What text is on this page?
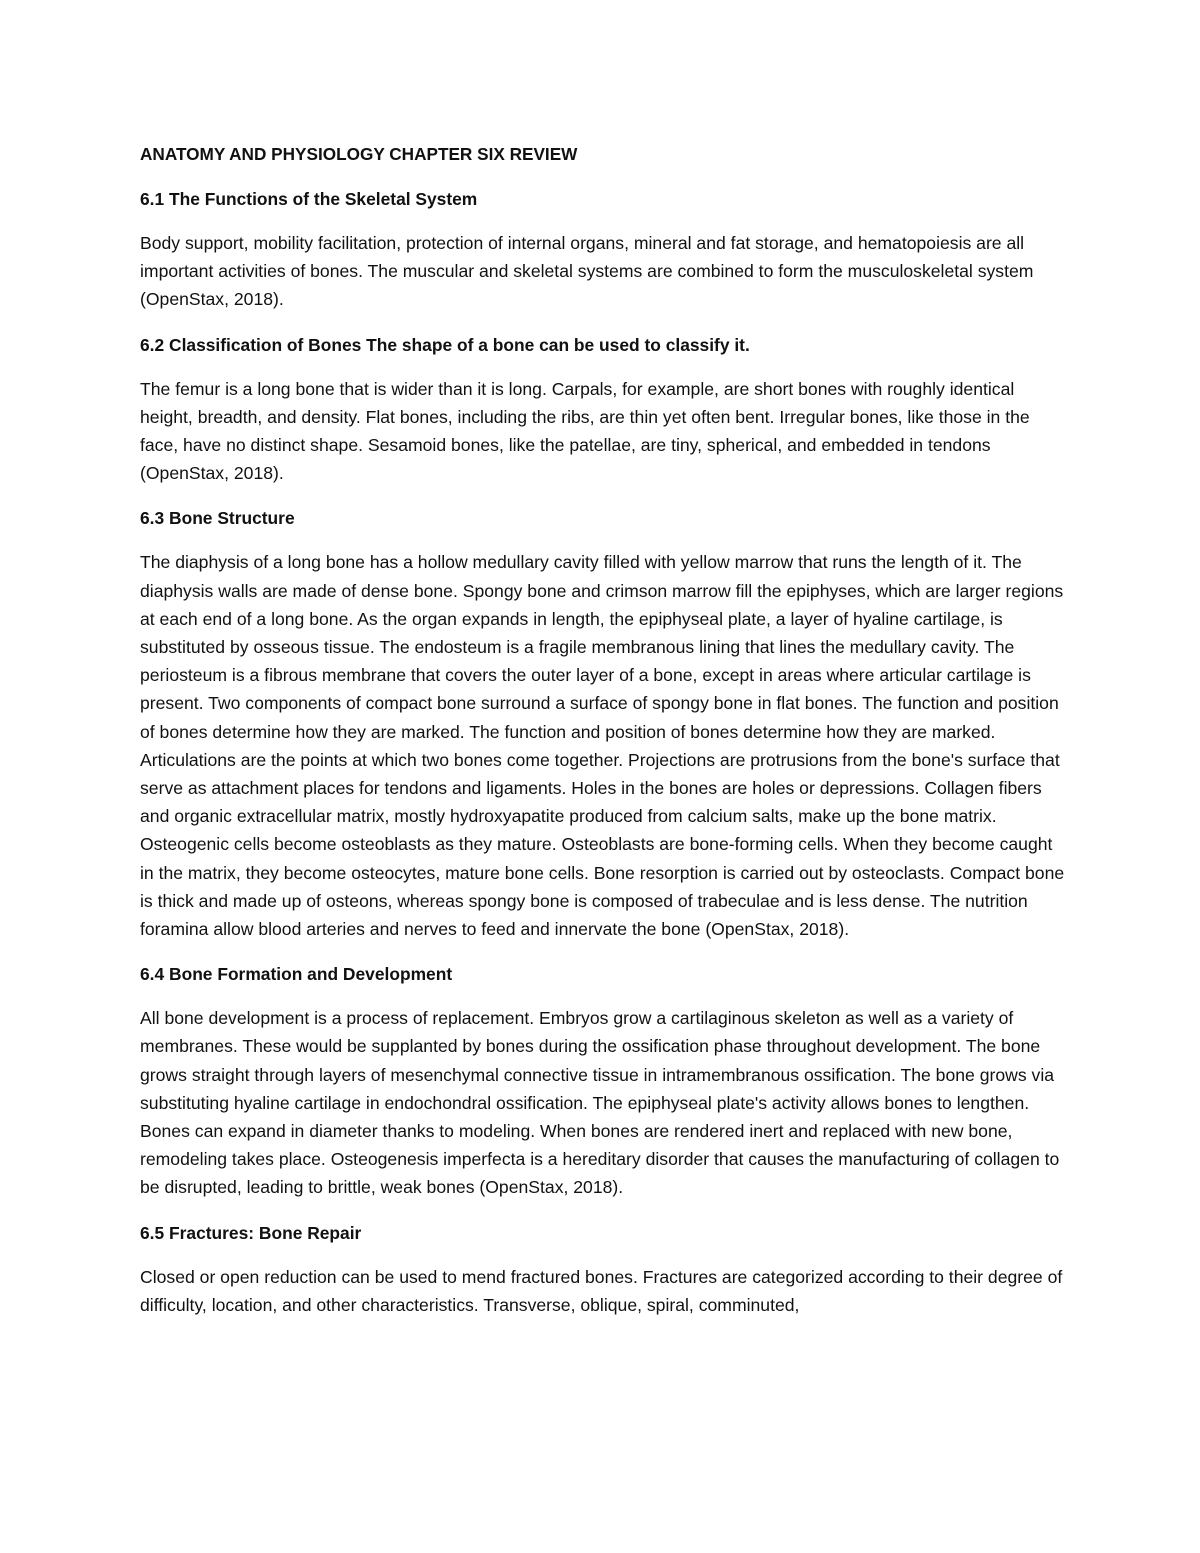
ANATOMY AND PHYSIOLOGY CHAPTER SIX REVIEW

6.1 The Functions of the Skeletal System

Body support, mobility facilitation, protection of internal organs, mineral and fat storage, and hematopoiesis are all important activities of bones. The muscular and skeletal systems are combined to form the musculoskeletal system (OpenStax, 2018).

6.2 Classification of Bones The shape of a bone can be used to classify it.

The femur is a long bone that is wider than it is long. Carpals, for example, are short bones with roughly identical height, breadth, and density. Flat bones, including the ribs, are thin yet often bent. Irregular bones, like those in the face, have no distinct shape. Sesamoid bones, like the patellae, are tiny, spherical, and embedded in tendons (OpenStax, 2018).

6.3 Bone Structure

The diaphysis of a long bone has a hollow medullary cavity filled with yellow marrow that runs the length of it. The diaphysis walls are made of dense bone. Spongy bone and crimson marrow fill the epiphyses, which are larger regions at each end of a long bone. As the organ expands in length, the epiphyseal plate, a layer of hyaline cartilage, is substituted by osseous tissue. The endosteum is a fragile membranous lining that lines the medullary cavity. The periosteum is a fibrous membrane that covers the outer layer of a bone, except in areas where articular cartilage is present. Two components of compact bone surround a surface of spongy bone in flat bones. The function and position of bones determine how they are marked. The function and position of bones determine how they are marked. Articulations are the points at which two bones come together. Projections are protrusions from the bone's surface that serve as attachment places for tendons and ligaments. Holes in the bones are holes or depressions. Collagen fibers and organic extracellular matrix, mostly hydroxyapatite produced from calcium salts, make up the bone matrix. Osteogenic cells become osteoblasts as they mature. Osteoblasts are bone-forming cells. When they become caught in the matrix, they become osteocytes, mature bone cells. Bone resorption is carried out by osteoclasts. Compact bone is thick and made up of osteons, whereas spongy bone is composed of trabeculae and is less dense. The nutrition foramina allow blood arteries and nerves to feed and innervate the bone (OpenStax, 2018).

6.4 Bone Formation and Development

All bone development is a process of replacement. Embryos grow a cartilaginous skeleton as well as a variety of membranes. These would be supplanted by bones during the ossification phase throughout development. The bone grows straight through layers of mesenchymal connective tissue in intramembranous ossification. The bone grows via substituting hyaline cartilage in endochondral ossification. The epiphyseal plate's activity allows bones to lengthen. Bones can expand in diameter thanks to modeling. When bones are rendered inert and replaced with new bone, remodeling takes place. Osteogenesis imperfecta is a hereditary disorder that causes the manufacturing of collagen to be disrupted, leading to brittle, weak bones (OpenStax, 2018).

6.5 Fractures: Bone Repair

Closed or open reduction can be used to mend fractured bones. Fractures are categorized according to their degree of difficulty, location, and other characteristics. Transverse, oblique, spiral, comminuted,
